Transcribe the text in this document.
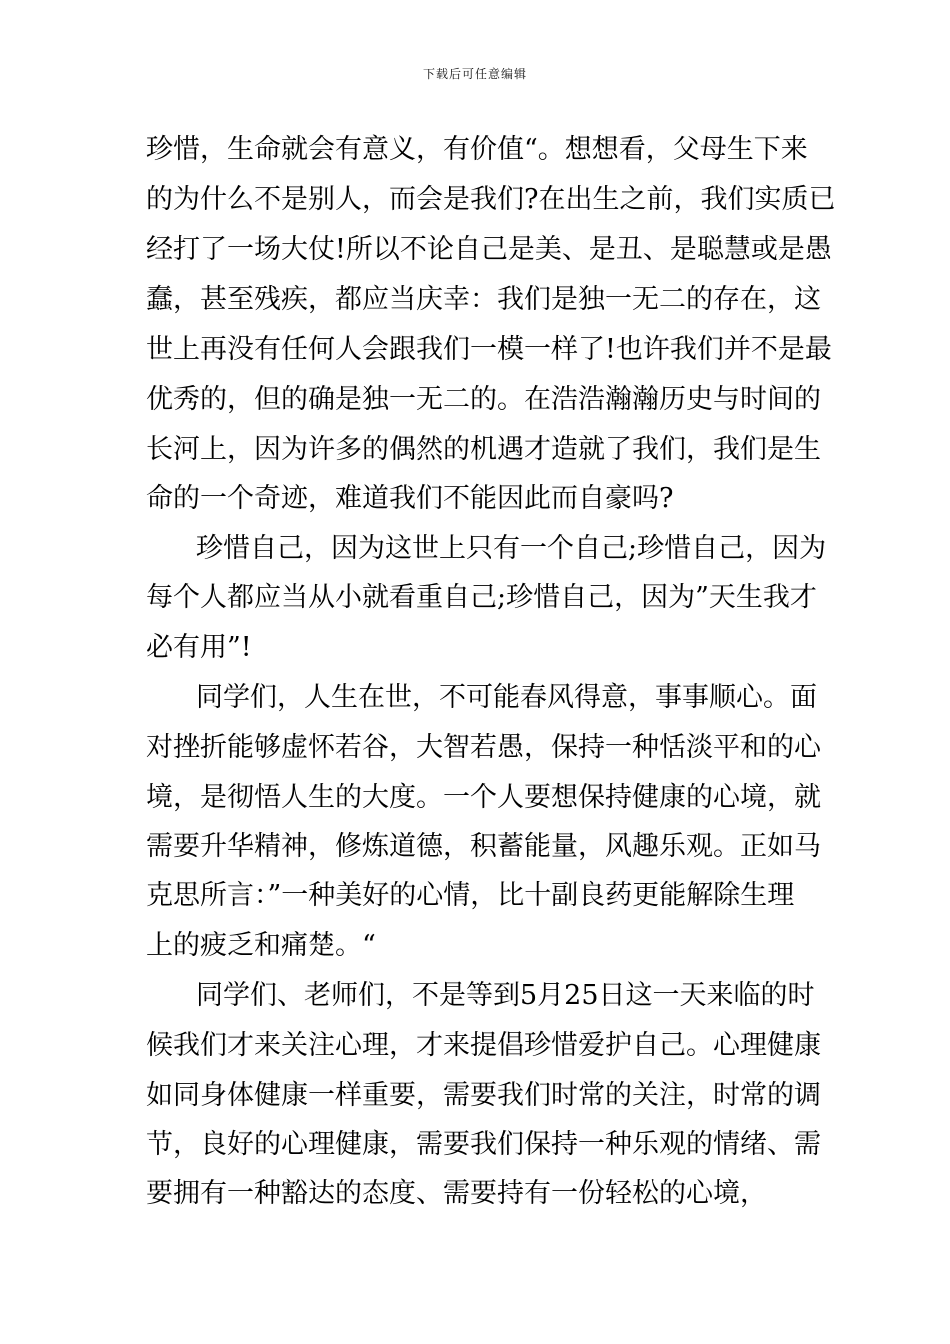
下载后可任意编辑

珍惜，生命就会有意义，有价值“。想想看，父母生下来

的为什么不是别人，而会是我们?在出生之前，我们实质已

经打了一场大仗!所以不论自己是美、是丑、是聪慧或是愚

蠢，甚至残疾，都应当庆幸：我们是独一无二的存在，这

世上再没有任何人会跟我们一模一样了!也许我们并不是最

优秀的，但的确是独一无二的。在浩浩瀚瀚历史与时间的

长河上，因为许多的偶然的机遇才造就了我们，我们是生

命的一个奇迹，难道我们不能因此而自豪吗?

珍惜自己，因为这世上只有一个自己;珍惜自己，因为

每个人都应当从小就看重自己;珍惜自己，因为”天生我才

必有用”!

同学们，人生在世，不可能春风得意，事事顺心。面

对挫折能够虚怀若谷，大智若愚，保持一种恬淡平和的心

境，是彻悟人生的大度。一个人要想保持健康的心境，就

需要升华精神，修炼道德，积蓄能量，风趣乐观。正如马

克思所言：”一种美好的心情，比十副良药更能解除生理

上的疲乏和痛楚。“

同学们、老师们，不是等到5月25日这一天来临的时

候我们才来关注心理，才来提倡珍惜爱护自己。心理健康

如同身体健康一样重要，需要我们时常的关注，时常的调

节，良好的心理健康，需要我们保持一种乐观的情绪、需

要拥有一种豁达的态度、需要持有一份轻松的心境，
